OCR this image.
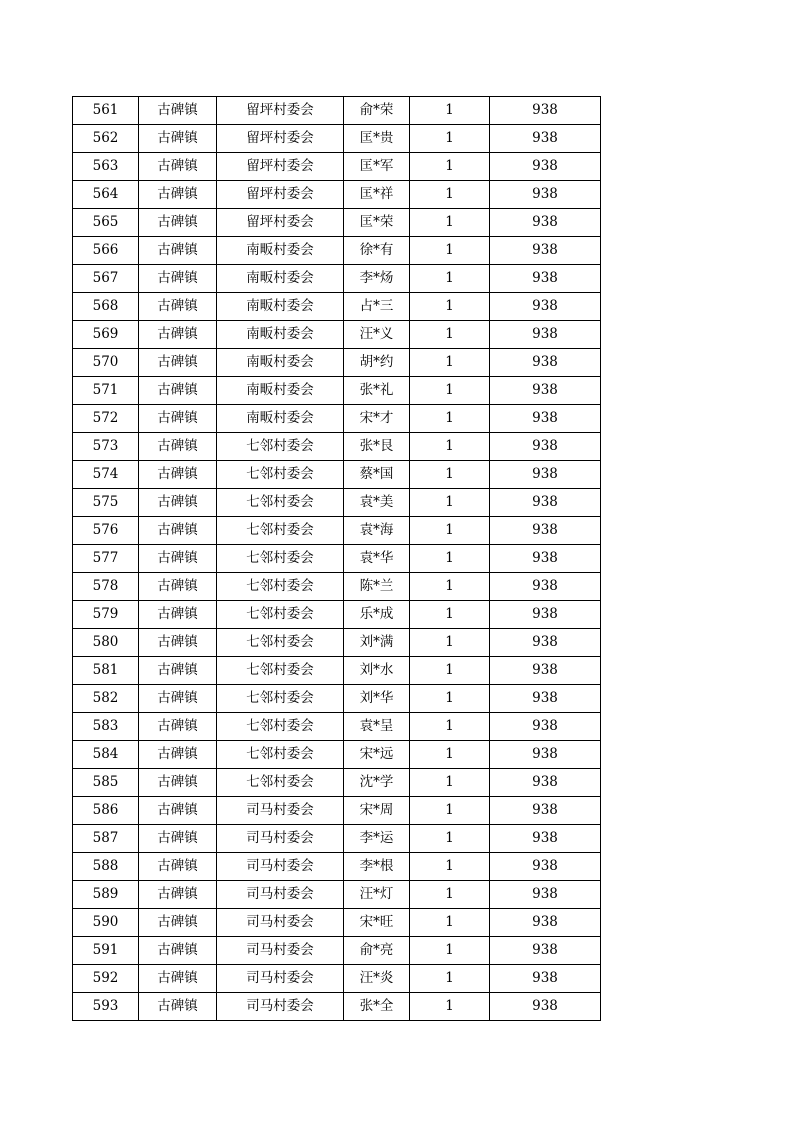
561	古碑镇	留坪村委会	俞*荣	1	938
562	古碑镇	留坪村委会	匡*贵	1	938
563	古碑镇	留坪村委会	匡*军	1	938
564	古碑镇	留坪村委会	匡*祥	1	938
565	古碑镇	留坪村委会	匡*荣	1	938
566	古碑镇	南畈村委会	徐*有	1	938
567	古碑镇	南畈村委会	李*炀	1	938
568	古碑镇	南畈村委会	占*三	1	938
569	古碑镇	南畈村委会	汪*义	1	938
570	古碑镇	南畈村委会	胡*约	1	938
571	古碑镇	南畈村委会	张*礼	1	938
572	古碑镇	南畈村委会	宋*才	1	938
573	古碑镇	七邻村委会	张*艮	1	938
574	古碑镇	七邻村委会	蔡*国	1	938
575	古碑镇	七邻村委会	袁*美	1	938
576	古碑镇	七邻村委会	袁*海	1	938
577	古碑镇	七邻村委会	袁*华	1	938
578	古碑镇	七邻村委会	陈*兰	1	938
579	古碑镇	七邻村委会	乐*成	1	938
580	古碑镇	七邻村委会	刘*满	1	938
581	古碑镇	七邻村委会	刘*水	1	938
582	古碑镇	七邻村委会	刘*华	1	938
583	古碑镇	七邻村委会	袁*呈	1	938
584	古碑镇	七邻村委会	宋*远	1	938
585	古碑镇	七邻村委会	沈*学	1	938
586	古碑镇	司马村委会	宋*周	1	938
587	古碑镇	司马村委会	李*运	1	938
588	古碑镇	司马村委会	李*根	1	938
589	古碑镇	司马村委会	汪*灯	1	938
590	古碑镇	司马村委会	宋*旺	1	938
591	古碑镇	司马村委会	俞*亮	1	938
592	古碑镇	司马村委会	汪*炎	1	938
593	古碑镇	司马村委会	张*全	1	938
